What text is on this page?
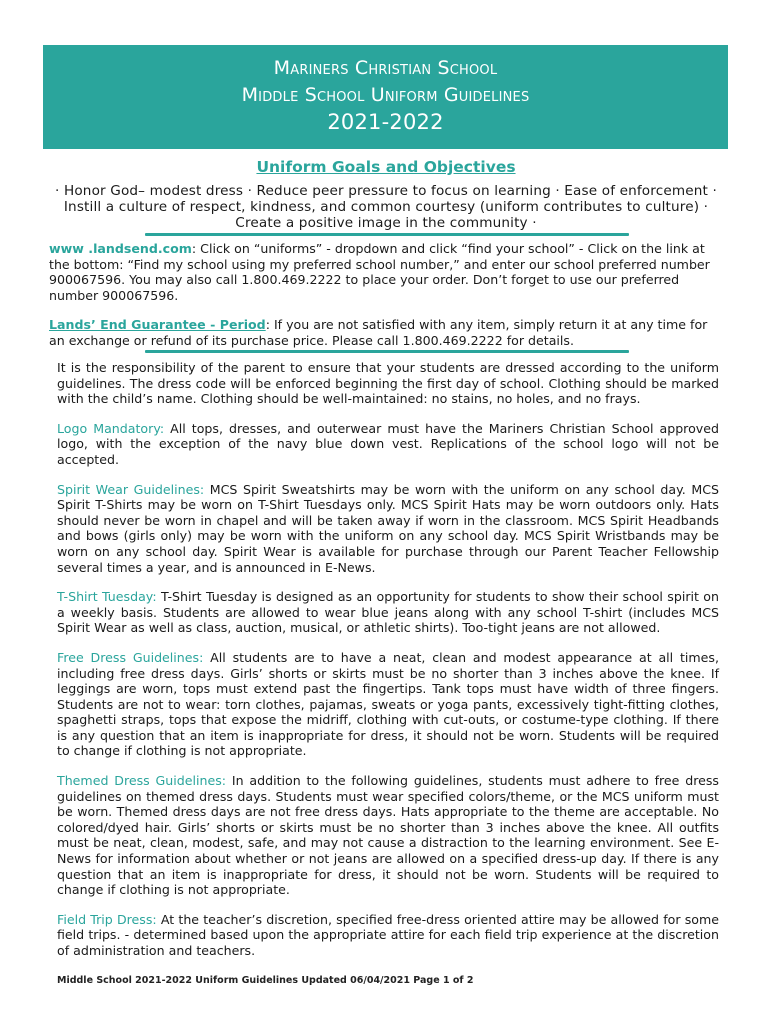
Mariners Christian School
Middle School Uniform Guidelines
2021-2022
Uniform Goals and Objectives

· Honor God– modest dress · Reduce peer pressure to focus on learning · Ease of enforcement · Instill a culture of respect, kindness, and common courtesy (uniform contributes to culture) · Create a positive image in the community ·

www .landsend.com: Click on “uniforms” - dropdown and click “find your school” - Click on the link at the bottom: “Find my school using my preferred school number,” and enter our school preferred number 900067596. You may also call 1.800.469.2222 to place your order. Don’t forget to use our preferred number 900067596.

Lands’ End Guarantee - Period: If you are not satisfied with any item, simply return it at any time for an exchange or refund of its purchase price. Please call 1.800.469.2222 for details.

It is the responsibility of the parent to ensure that your students are dressed according to the uniform guidelines. The dress code will be enforced beginning the first day of school. Clothing should be marked with the child’s name. Clothing should be well-maintained: no stains, no holes, and no frays.

Logo Mandatory: All tops, dresses, and outerwear must have the Mariners Christian School approved logo, with the exception of the navy blue down vest. Replications of the school logo will not be accepted.

Spirit Wear Guidelines: MCS Spirit Sweatshirts may be worn with the uniform on any school day. MCS Spirit T-Shirts may be worn on T-Shirt Tuesdays only. MCS Spirit Hats may be worn outdoors only. Hats should never be worn in chapel and will be taken away if worn in the classroom. MCS Spirit Headbands and bows (girls only) may be worn with the uniform on any school day. MCS Spirit Wristbands may be worn on any school day. Spirit Wear is available for purchase through our Parent Teacher Fellowship several times a year, and is announced in E-News.

T-Shirt Tuesday: T-Shirt Tuesday is designed as an opportunity for students to show their school spirit on a weekly basis. Students are allowed to wear blue jeans along with any school T-shirt (includes MCS Spirit Wear as well as class, auction, musical, or athletic shirts). Too-tight jeans are not allowed.

Free Dress Guidelines: All students are to have a neat, clean and modest appearance at all times, including free dress days. Girls’ shorts or skirts must be no shorter than 3 inches above the knee. If leggings are worn, tops must extend past the fingertips. Tank tops must have width of three fingers. Students are not to wear: torn clothes, pajamas, sweats or yoga pants, excessively tight-fitting clothes, spaghetti straps, tops that expose the midriff, clothing with cut-outs, or costume-type clothing. If there is any question that an item is inappropriate for dress, it should not be worn. Students will be required to change if clothing is not appropriate.

Themed Dress Guidelines: In addition to the following guidelines, students must adhere to free dress guidelines on themed dress days. Students must wear specified colors/theme, or the MCS uniform must be worn. Themed dress days are not free dress days. Hats appropriate to the theme are acceptable. No colored/dyed hair. Girls’ shorts or skirts must be no shorter than 3 inches above the knee. All outfits must be neat, clean, modest, safe, and may not cause a distraction to the learning environment. See E-News for information about whether or not jeans are allowed on a specified dress-up day. If there is any question that an item is inappropriate for dress, it should not be worn. Students will be required to change if clothing is not appropriate.

Field Trip Dress: At the teacher’s discretion, specified free-dress oriented attire may be allowed for some field trips. - determined based upon the appropriate attire for each field trip experience at the discretion of administration and teachers.

Middle School 2021-2022 Uniform Guidelines Updated 06/04/2021 Page 1 of 2
